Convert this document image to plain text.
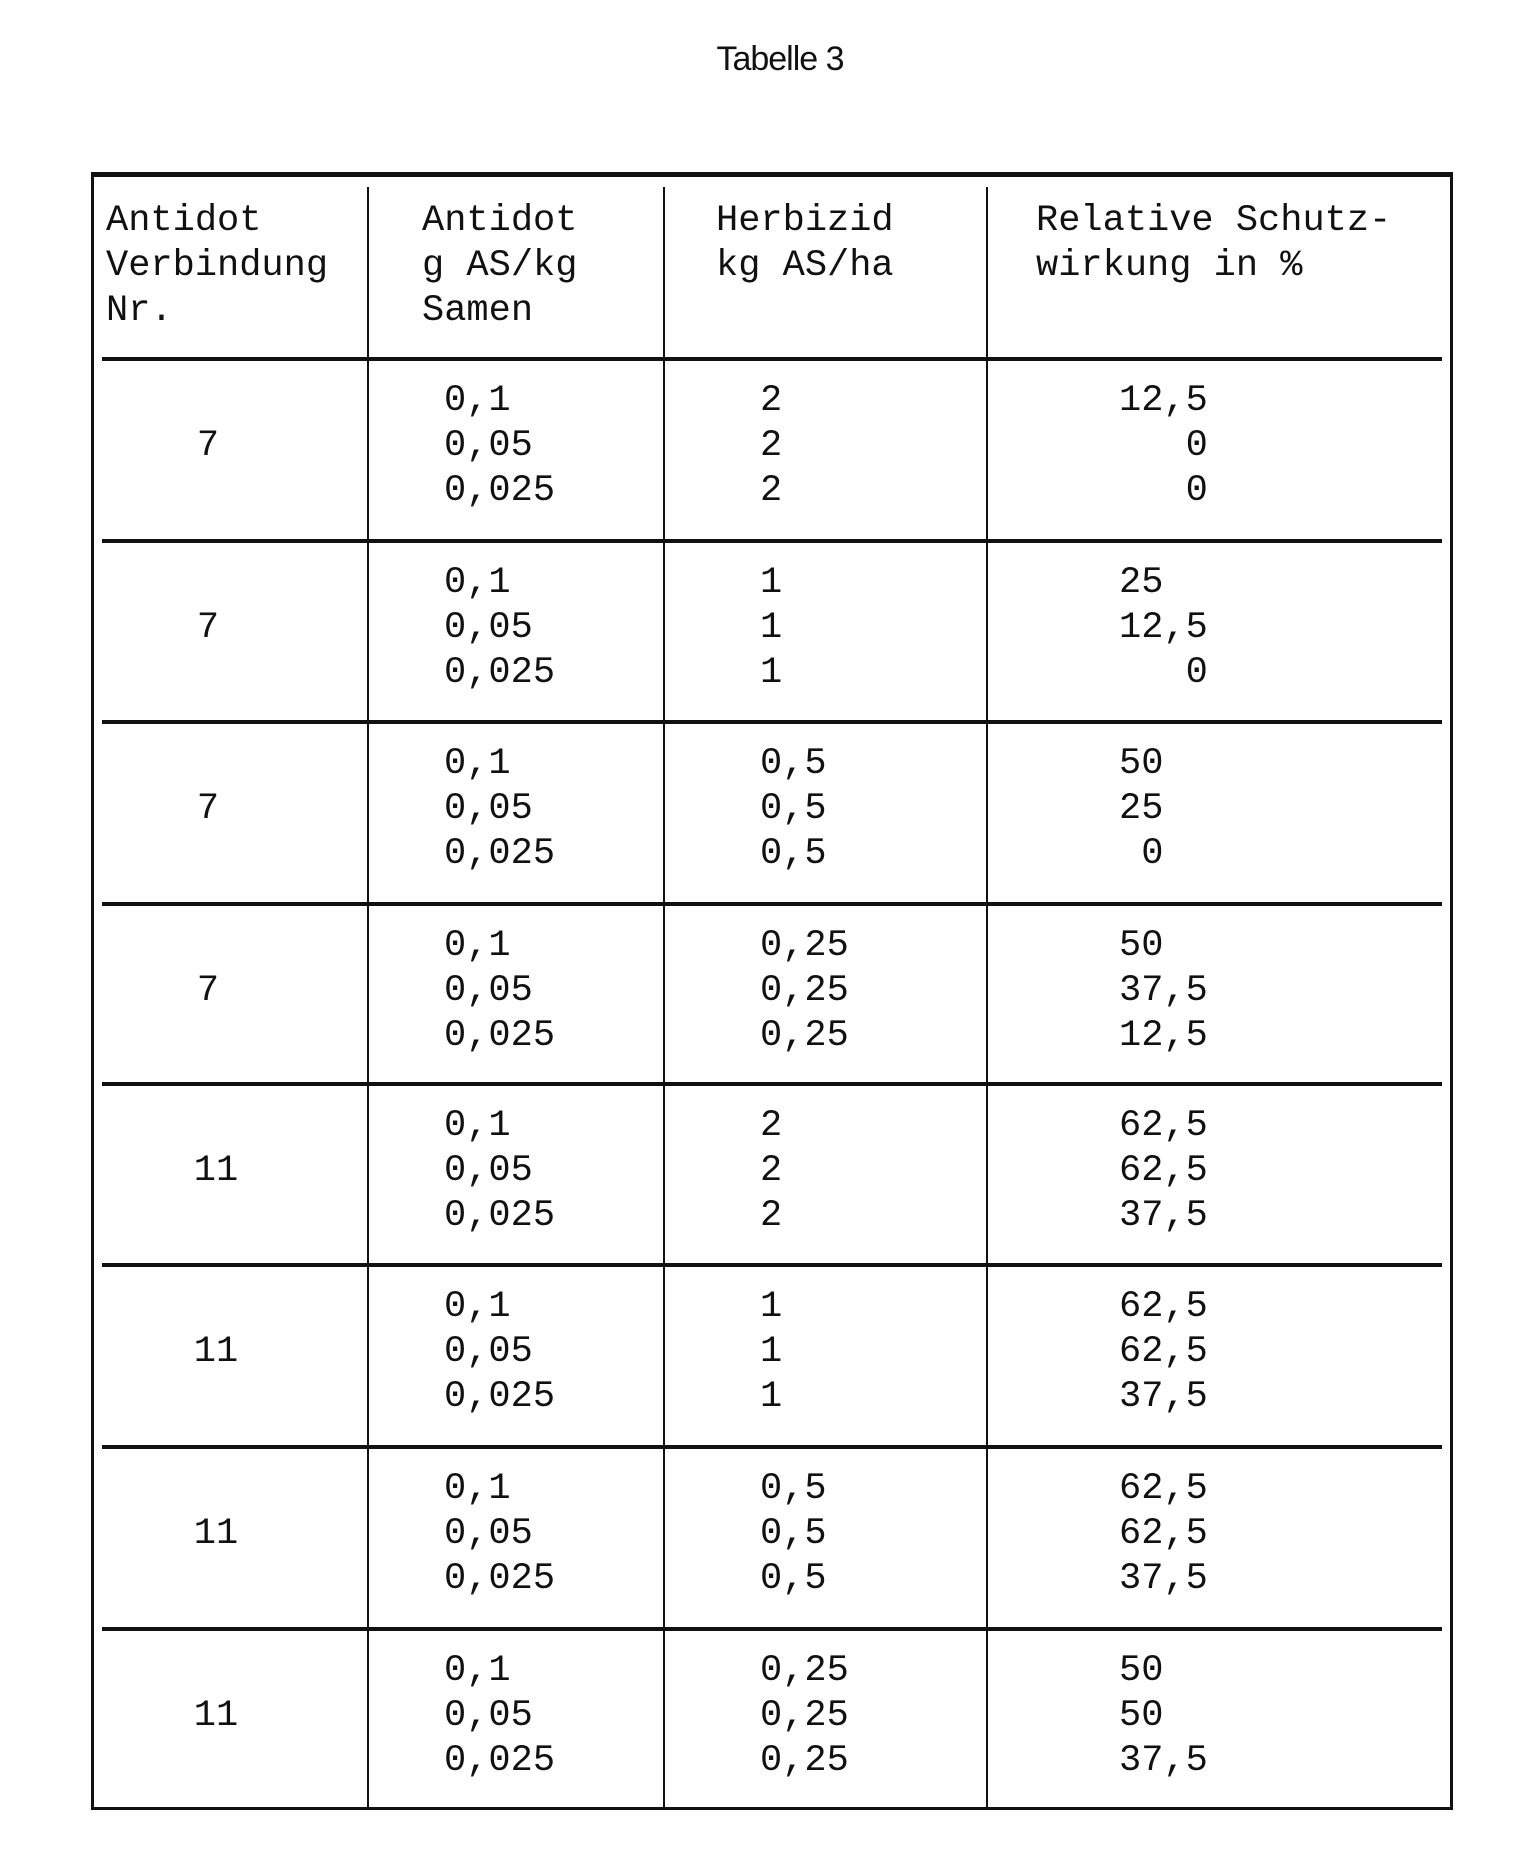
Tabelle 3
Antidot
Verbindung
Nr.
Antidot
g AS/kg
Samen
Herbizid
kg AS/ha
Relative Schutz-
wirkung in %
7
0,1
0,05
0,025
2
2
2
12,5
0
0
7
0,1
0,05
0,025
1
1
1
25
12,5
0
7
0,1
0,05
0,025
0,5
0,5
0,5
50
25
0
7
0,1
0,05
0,025
0,25
0,25
0,25
50
37,5
12,5
11
0,1
0,05
0,025
2
2
2
62,5
62,5
37,5
11
0,1
0,05
0,025
1
1
1
62,5
62,5
37,5
11
0,1
0,05
0,025
0,5
0,5
0,5
62,5
62,5
37,5
11
0,1
0,05
0,025
0,25
0,25
0,25
50
50
37,5
